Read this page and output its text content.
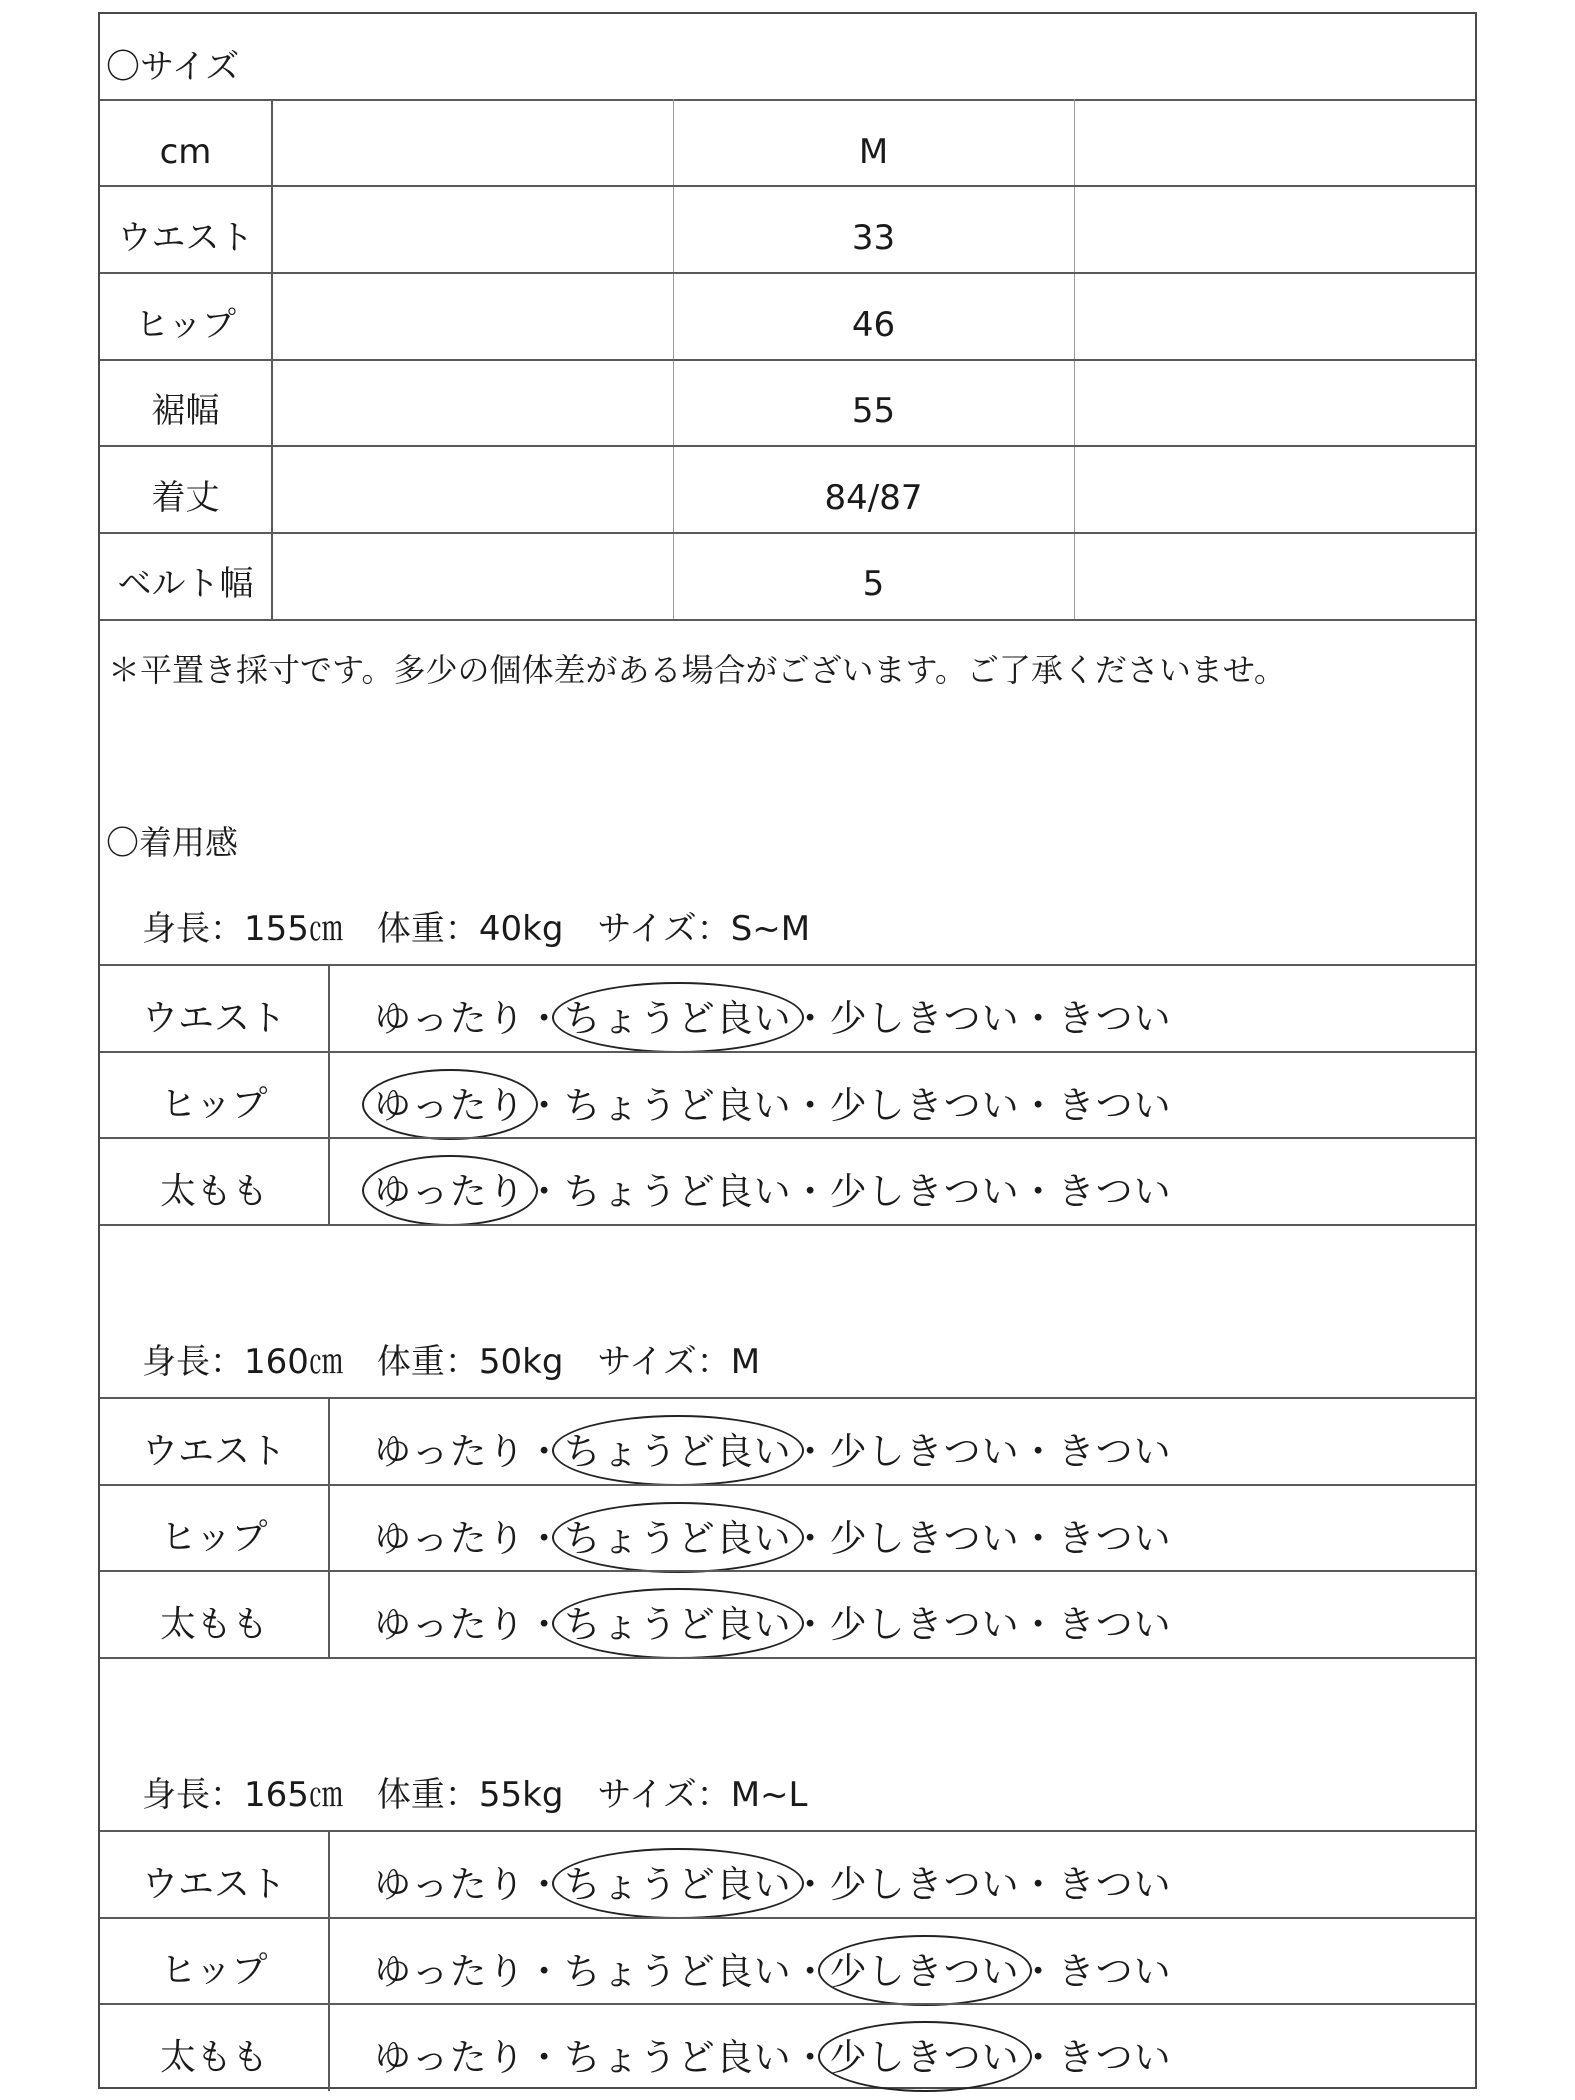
〇サイズ
cm	M
ウエスト	33
ヒップ	46
裾幅	55
着丈	84/87
ベルト幅	5
＊平置き採寸です。多少の個体差がある場合がございます。ご了承くださいませ。
〇着用感
身長：155㎝　体重：40kg　サイズ：S~M
ウエスト	ゆったり・ちょうど良い・少しきつい・きつい
ヒップ	ゆったり・ちょうど良い・少しきつい・きつい
太もも	ゆったり・ちょうど良い・少しきつい・きつい
身長：160㎝　体重：50kg　サイズ：M
ウエスト	ゆったり・ちょうど良い・少しきつい・きつい
ヒップ	ゆったり・ちょうど良い・少しきつい・きつい
太もも	ゆったり・ちょうど良い・少しきつい・きつい
身長：165㎝　体重：55kg　サイズ：M~L
ウエスト	ゆったり・ちょうど良い・少しきつい・きつい
ヒップ	ゆったり・ちょうど良い・少しきつい・きつい
太もも	ゆったり・ちょうど良い・少しきつい・きつい
